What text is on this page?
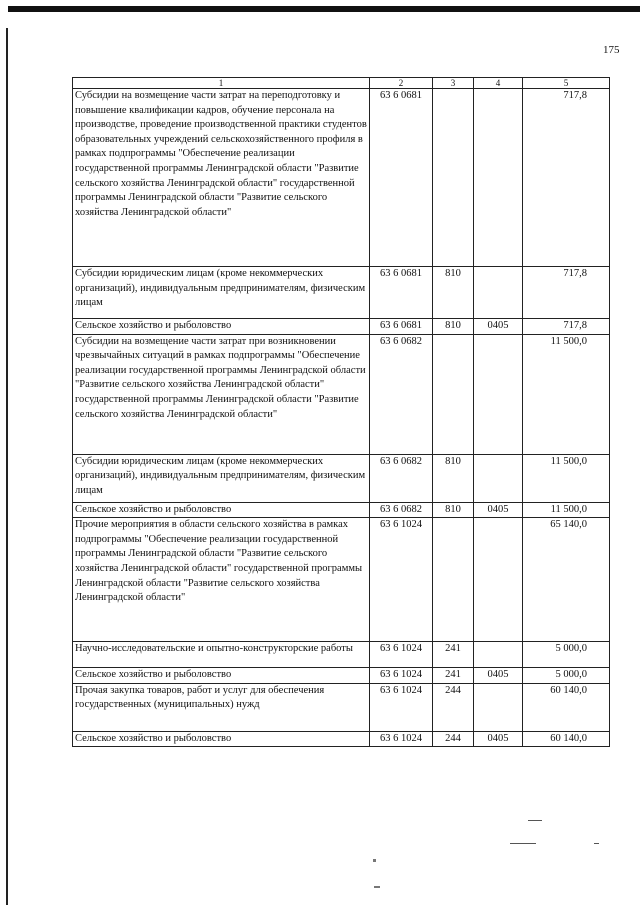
175
1	2	3	4	5
Субсидии на возмещение части затрат на переподготовку и повышение квалификации кадров, обучение персонала на производстве, проведение производственной практики студентов образовательных учреждений сельскохозяйственного профиля в рамках подпрограммы "Обеспечение реализации государственной программы Ленинградской области "Развитие сельского хозяйства Ленинградской области" государственной программы Ленинградской области "Развитие сельского хозяйства Ленинградской области"	63 6 0681			717,8
Субсидии юридическим лицам (кроме некоммерческих организаций), индивидуальным предпринимателям, физическим лицам	63 6 0681	810		717,8
Сельское хозяйство и рыболовство	63 6 0681	810	0405	717,8
Субсидии на возмещение части затрат при возникновении чрезвычайных ситуаций в рамках подпрограммы "Обеспечение реализации государственной программы Ленинградской области "Развитие сельского хозяйства Ленинградской области" государственной программы Ленинградской области "Развитие сельского хозяйства Ленинградской области"	63 6 0682			11 500,0
Субсидии юридическим лицам (кроме некоммерческих организаций), индивидуальным предпринимателям, физическим лицам	63 6 0682	810		11 500,0
Сельское хозяйство и рыболовство	63 6 0682	810	0405	11 500,0
Прочие мероприятия в области сельского хозяйства в рамках подпрограммы "Обеспечение реализации государственной программы Ленинградской области "Развитие сельского хозяйства Ленинградской области" государственной программы Ленинградской области "Развитие сельского хозяйства Ленинградской области"	63 6 1024			65 140,0
Научно-исследовательские и опытно-конструкторские работы	63 6 1024	241		5 000,0
Сельское хозяйство и рыболовство	63 6 1024	241	0405	5 000,0
Прочая закупка товаров, работ и услуг для обеспечения государственных (муниципальных) нужд	63 6 1024	244		60 140,0
Сельское хозяйство и рыболовство	63 6 1024	244	0405	60 140,0
